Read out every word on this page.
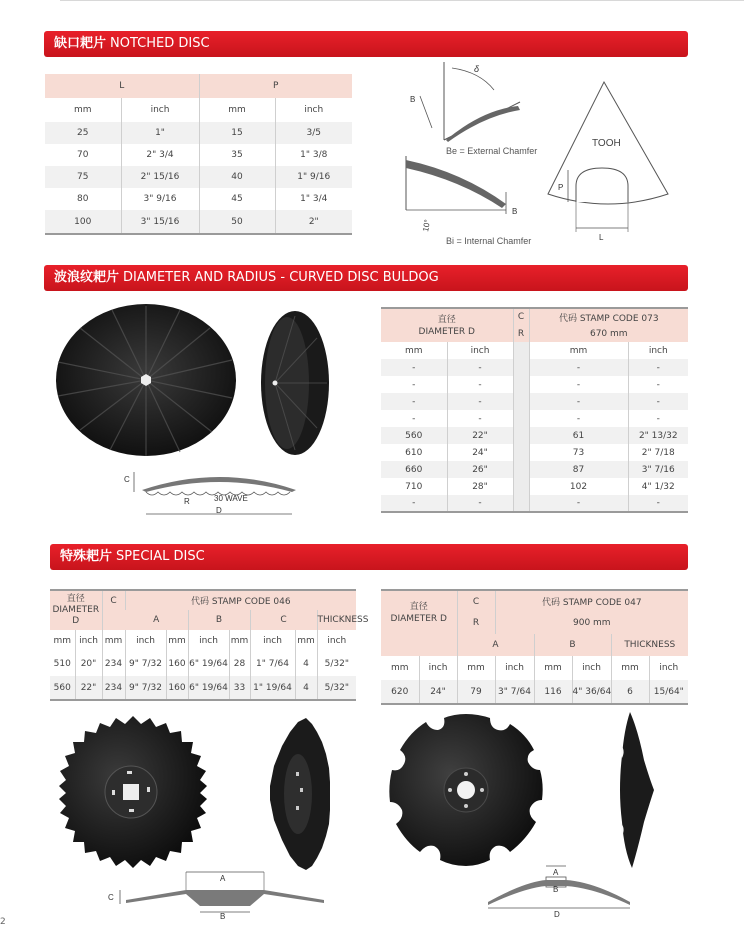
缺口耙片 NOTCHED DISC
L		P	
mm	inch	mm	inch
25	1"	15	3/5
70	2" 3/4	35	1" 3/8
75	2" 15/16	40	1" 9/16
80	3" 9/16	45	1" 3/4
100	3" 15/16	50	2"
δ
B
Be = External Chamfer
B
10°
Bi = Internal Chamfer
TOOH
P
L
波浪纹耙片 DIAMETER AND RADIUS - CURVED DISC BULDOG
C
R	30 WAVE
D
直径
DIAMETER D		C	代码 STAMP CODE 073	
		R	670 mm	
mm	inch		mm	inch
-	-		-	-
-	-		-	-
-	-		-	-
-	-		-	-
560	22"		61	2" 13/32
610	24"		73	2" 7/18
660	26"		87	3" 7/16
710	28"		102	4" 1/32
-	-		-	-
特殊耙片 SPECIAL DISC
直径
DIAMETER
D		C	代码 STAMP CODE 046						
			A		B		C		THICKNESS
mm	inch	mm	inch	mm	inch	mm	inch	mm	inch
510	20"	234	9" 7/32	160	6" 19/64	28	1" 7/64	4	5/32"
560	22"	234	9" 7/32	160	6" 19/64	33	1" 19/64	4	5/32"
直径
DIAMETER D		C	代码 STAMP CODE 047				
		R	900 mm				
		A		B		THICKNESS	
mm	inch	mm	inch	mm	inch	mm	inch
620	24"	79	3" 7/64	116	4" 36/64	6	15/64"
A
C
B
A
B
D
2
